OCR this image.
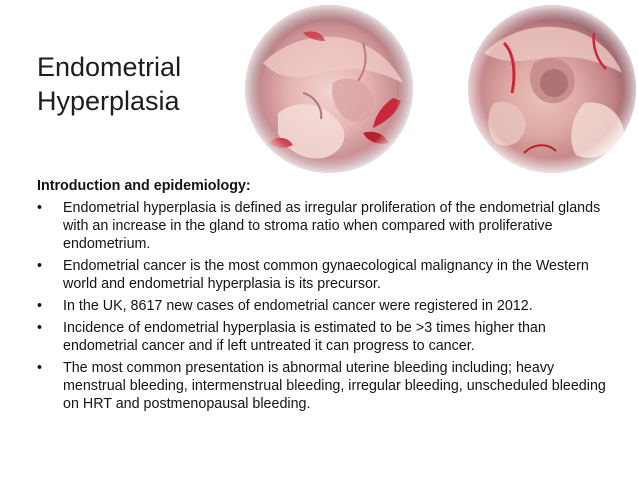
Endometrial
Hyperplasia
Introduction and epidemiology:
• Endometrial hyperplasia is defined as irregular proliferation of the endometrial glands with an increase in the gland to stroma ratio when compared with proliferative endometrium.
• Endometrial cancer is the most common gynaecological malignancy in the Western world and endometrial hyperplasia is its precursor.
• In the UK, 8617 new cases of endometrial cancer were registered in 2012.
• Incidence of endometrial hyperplasia is estimated to be >3 times higher than endometrial cancer and if left untreated it can progress to cancer.
• The most common presentation is abnormal uterine bleeding including; heavy menstrual bleeding, intermenstrual bleeding, irregular bleeding, unscheduled bleeding on HRT and postmenopausal bleeding.
